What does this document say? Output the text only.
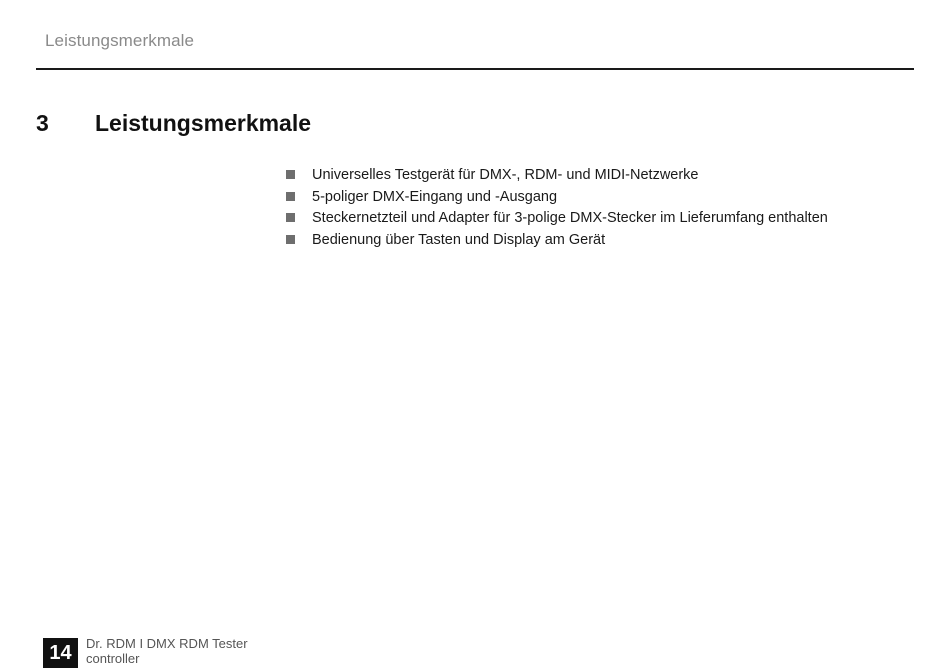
Leistungsmerkmale
3 Leistungsmerkmale
Universelles Testgerät für DMX-, RDM- und MIDI-Netzwerke
5-poliger DMX-Eingang und -Ausgang
Steckernetzteil und Adapter für 3-polige DMX-Stecker im Lieferumfang enthalten
Bedienung über Tasten und Display am Gerät
14	Dr. RDM I DMX RDM Tester
controller
